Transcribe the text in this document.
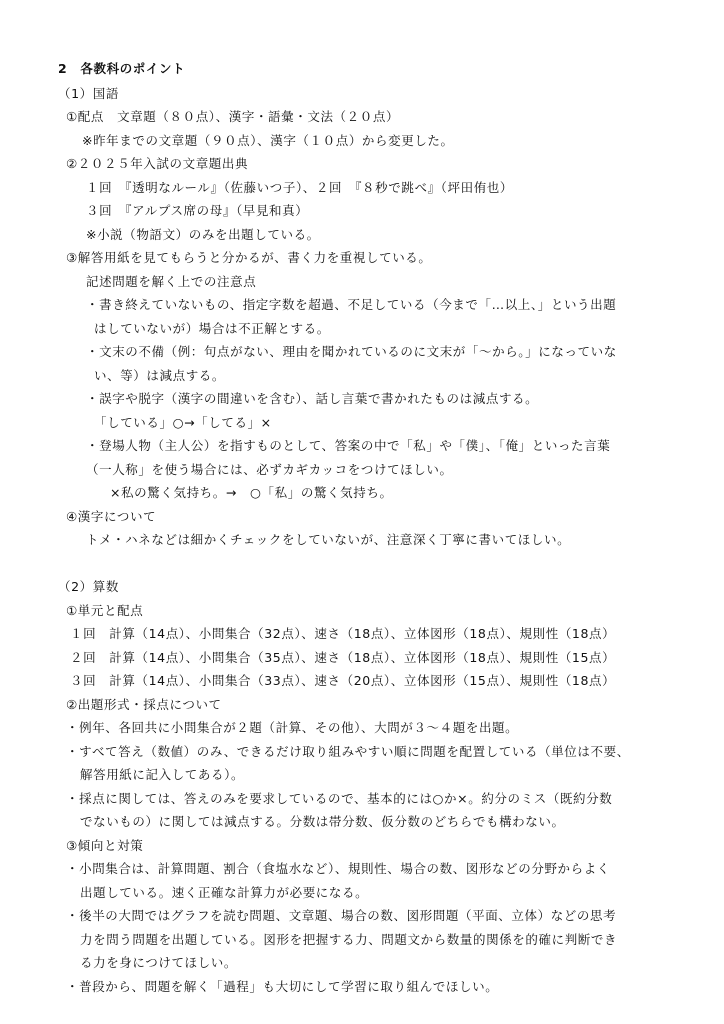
2　各教科のポイント
（1）国語
①配点　文章題（８０点）、漢字・語彙・文法（２０点）
※昨年までの文章題（９０点）、漢字（１０点）から変更した。
②２０２５年入試の文章題出典
１回　『透明なルール』（佐藤いつ子）、２回　『８秒で跳べ』（坪田侑也）
３回　『アルプス席の母』（早見和真）
※小説（物語文）のみを出題している。
③解答用紙を見てもらうと分かるが、書く力を重視している。
記述問題を解く上での注意点
・書き終えていないもの、指定字数を超過、不足している（今まで「…以上、」という出題
はしていないが）場合は不正解とする。
・文末の不備（例：句点がない、理由を聞かれているのに文末が「〜から。」になっていな
い、等）は減点する。
・誤字や脱字（漢字の間違いを含む）、話し言葉で書かれたものは減点する。
「している」○→「してる」×
・登場人物（主人公）を指すものとして、答案の中で「私」や「僕」、「俺」といった言葉
（一人称」を使う場合には、必ずカギカッコをつけてほしい。
×私の驚く気持ち。→　○「私」の驚く気持ち。
④漢字について
トメ・ハネなどは細かくチェックをしていないが、注意深く丁寧に書いてほしい。
（2）算数
①単元と配点
１回　計算（14点）、小問集合（32点）、速さ（18点）、立体図形（18点）、規則性（18点）
２回　計算（14点）、小問集合（35点）、速さ（18点）、立体図形（18点）、規則性（15点）
３回　計算（14点）、小問集合（33点）、速さ（20点）、立体図形（15点）、規則性（18点）
②出題形式・採点について
・例年、各回共に小問集合が２題（計算、その他）、大問が３〜４題を出題。
・すべて答え（数値）のみ、できるだけ取り組みやすい順に問題を配置している（単位は不要、
解答用紙に記入してある）。
・採点に関しては、答えのみを要求しているので、基本的には○か×。約分のミス（既約分数
でないもの）に関しては減点する。分数は帯分数、仮分数のどちらでも構わない。
③傾向と対策
・小問集合は、計算問題、割合（食塩水など）、規則性、場合の数、図形などの分野からよく
出題している。速く正確な計算力が必要になる。
・後半の大問ではグラフを読む問題、文章題、場合の数、図形問題（平面、立体）などの思考
力を問う問題を出題している。図形を把握する力、問題文から数量的関係を的確に判断でき
る力を身につけてほしい。
・普段から、問題を解く「過程」も大切にして学習に取り組んでほしい。
